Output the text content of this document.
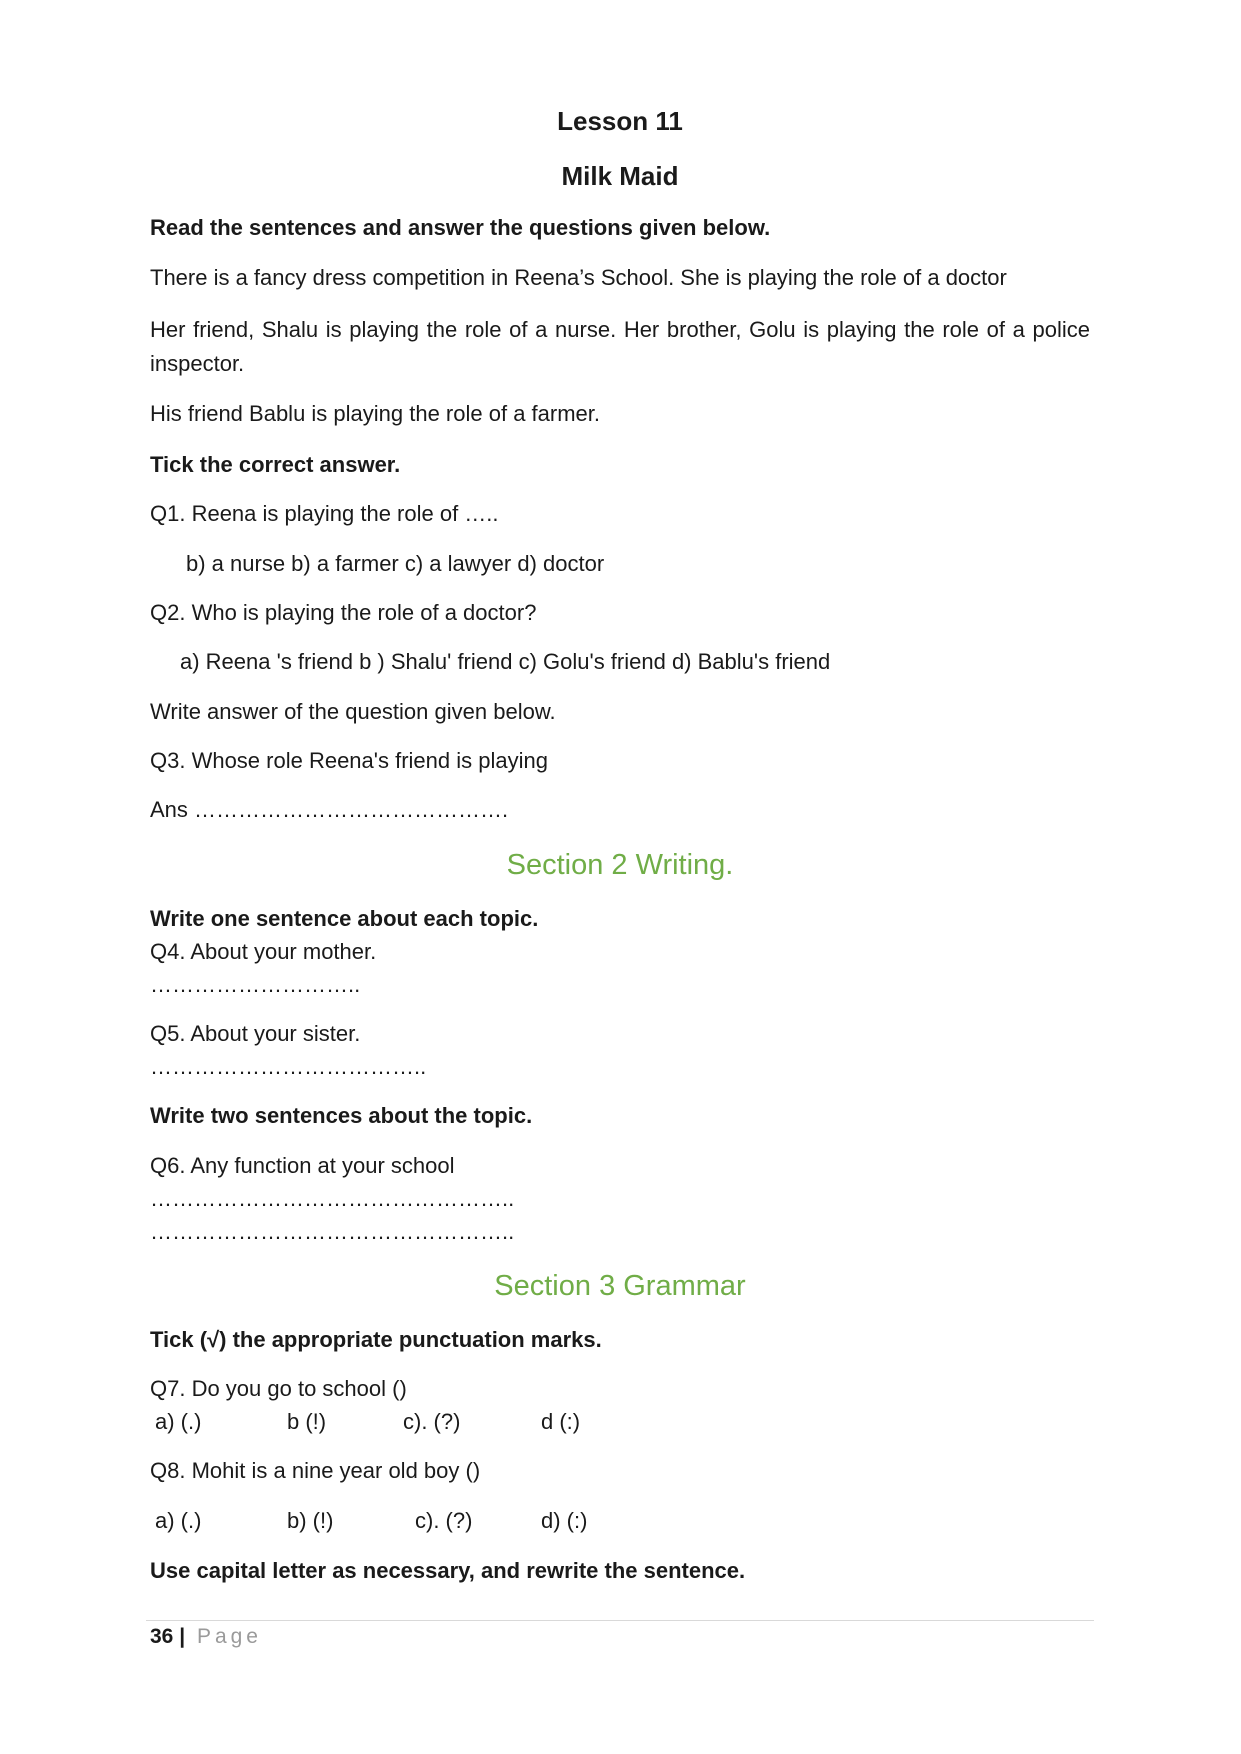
Lesson 11
Milk Maid
Read the sentences and answer the questions given below.
There is a fancy dress competition in Reena’s School. She is playing the role of a doctor
Her friend, Shalu is playing the role of a nurse. Her brother, Golu is playing the role of a police inspector.
His friend Bablu is playing the role of a farmer.
Tick the correct answer.
Q1. Reena is playing the role of …..
b) a nurse b) a farmer c) a lawyer d) doctor
Q2. Who is playing the role of a doctor?
a) Reena 's friend b ) Shalu' friend c) Golu's friend d) Bablu's friend
Write answer of the question given below.
Q3. Whose role Reena's friend is playing
Ans …………………………………….
Section 2 Writing.
Write one sentence about each topic.
Q4. About your mother.
………………………..
Q5. About your sister.
………………………………..
Write two sentences about the topic.
Q6. Any function at your school
…………………………………………..
…………………………………………..
Section 3 Grammar
Tick (√) the appropriate punctuation marks.
Q7. Do you go to school ()
a) (.)	b (!)	c). (?)	d (:)
Q8. Mohit is a nine year old boy ()
a) (.)	b) (!)	c). (?)	d) (:)
Use capital letter as necessary, and rewrite the sentence.
36 | Page
